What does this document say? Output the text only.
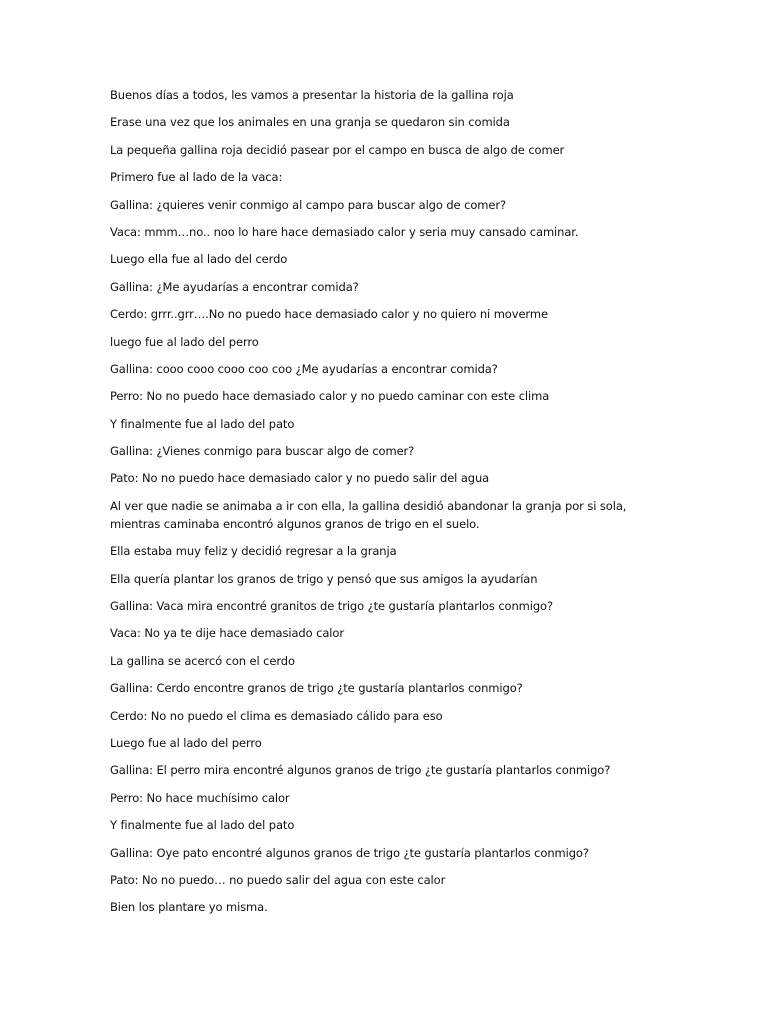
Buenos días a todos, les vamos a presentar la historia de la gallina roja

Erase una vez que los animales en una granja se quedaron sin comida

La pequeña gallina roja decidió pasear por el campo en busca de algo de comer

Primero fue al lado de la vaca:

Gallina: ¿quieres venir conmigo al campo para buscar algo de comer?

Vaca: mmm…no.. noo lo hare hace demasiado calor y seria muy cansado caminar.

Luego ella fue al lado del cerdo

Gallina: ¿Me ayudarías a encontrar comida?

Cerdo: grrr..grr….No no puedo hace demasiado calor y no quiero ni moverme

luego fue al lado del perro

Gallina: cooo cooo cooo coo coo ¿Me ayudarías a encontrar comida?

Perro: No no puedo hace demasiado calor y no puedo caminar con este clima

Y finalmente fue al lado del pato

Gallina: ¿Vienes conmigo para buscar algo de comer?

Pato: No no puedo hace demasiado calor y no puedo salir del agua

Al ver que nadie se animaba a ir con ella, la gallina desidió abandonar la granja por si sola, mientras caminaba encontró algunos granos de trigo en el suelo.

Ella estaba muy feliz y decidió regresar a la granja

Ella quería plantar los granos de trigo y pensó que sus amigos la ayudarían

Gallina: Vaca mira encontré granitos de trigo ¿te gustaría plantarlos conmigo?

Vaca: No ya te dije hace demasiado calor

La gallina se acercó con el cerdo

Gallina: Cerdo encontre granos de trigo ¿te gustaría plantarlos conmigo?

Cerdo: No no puedo el clima es demasiado cálido para eso

Luego fue al lado del perro

Gallina: El perro mira encontré algunos granos de trigo ¿te gustaría plantarlos conmigo?

Perro: No hace muchísimo calor

Y finalmente fue al lado del pato

Gallina: Oye pato encontré algunos granos de trigo ¿te gustaría plantarlos conmigo?

Pato: No no puedo… no puedo salir del agua con este calor

Bien los plantare yo misma.
